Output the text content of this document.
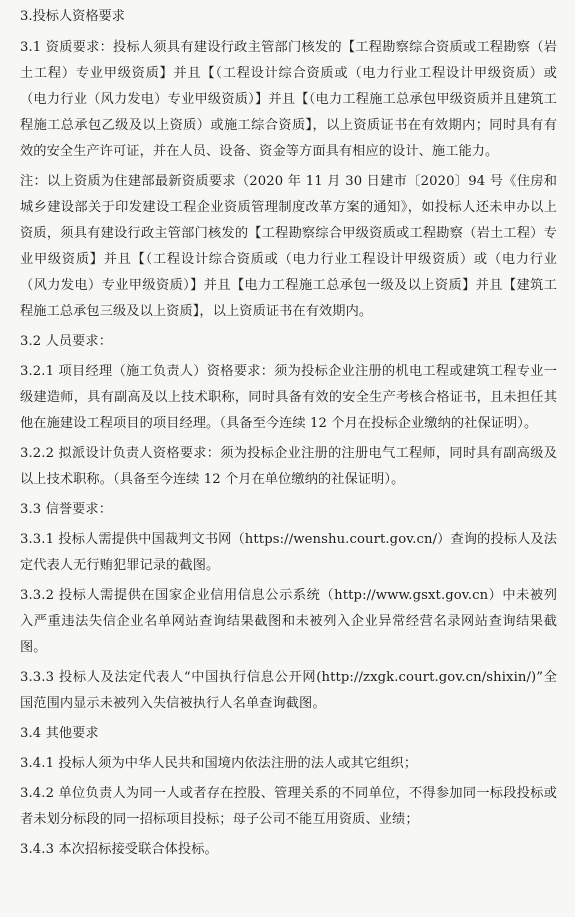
3.投标人资格要求
3.1 资质要求：投标人须具有建设行政主管部门核发的【工程勘察综合资质或工程勘察（岩土工程）专业甲级资质】并且【（工程设计综合资质或（电力行业工程设计甲级资质）或（电力行业（风力发电）专业甲级资质）】并且【（电力工程施工总承包甲级资质并且建筑工程施工总承包乙级及以上资质）或施工综合资质】，以上资质证书在有效期内；同时具有有效的安全生产许可证，并在人员、设备、资金等方面具有相应的设计、施工能力。
注：以上资质为住建部最新资质要求（2020 年 11 月 30 日建市〔2020〕94 号《住房和城乡建设部关于印发建设工程企业资质管理制度改革方案的通知》，如投标人还未申办以上资质，须具有建设行政主管部门核发的【工程勘察综合甲级资质或工程勘察（岩土工程）专业甲级资质】并且【（工程设计综合资质或（电力行业工程设计甲级资质）或（电力行业（风力发电）专业甲级资质）】并且【电力工程施工总承包一级及以上资质】并且【建筑工程施工总承包三级及以上资质】，以上资质证书在有效期内。
3.2 人员要求：
3.2.1 项目经理（施工负责人）资格要求：须为投标企业注册的机电工程或建筑工程专业一级建造师，具有副高及以上技术职称，同时具备有效的安全生产考核合格证书，且未担任其他在施建设工程项目的项目经理。（具备至今连续 12 个月在投标企业缴纳的社保证明）。
3.2.2 拟派设计负责人资格要求：须为投标企业注册的注册电气工程师，同时具有副高级及以上技术职称。（具备至今连续 12 个月在单位缴纳的社保证明）。
3.3 信誉要求：
3.3.1 投标人需提供中国裁判文书网（https://wenshu.court.gov.cn/）查询的投标人及法定代表人无行贿犯罪记录的截图。
3.3.2 投标人需提供在国家企业信用信息公示系统（http://www.gsxt.gov.cn）中未被列入严重违法失信企业名单网站查询结果截图和未被列入企业异常经营名录网站查询结果截图。
3.3.3 投标人及法定代表人“中国执行信息公开网(http://zxgk.court.gov.cn/shixin/)”全国范围内显示未被列入失信被执行人名单查询截图。
3.4 其他要求
3.4.1 投标人须为中华人民共和国境内依法注册的法人或其它组织；
3.4.2 单位负责人为同一人或者存在控股、管理关系的不同单位，不得参加同一标段投标或者未划分标段的同一招标项目投标；母子公司不能互用资质、业绩；
3.4.3 本次招标接受联合体投标。
